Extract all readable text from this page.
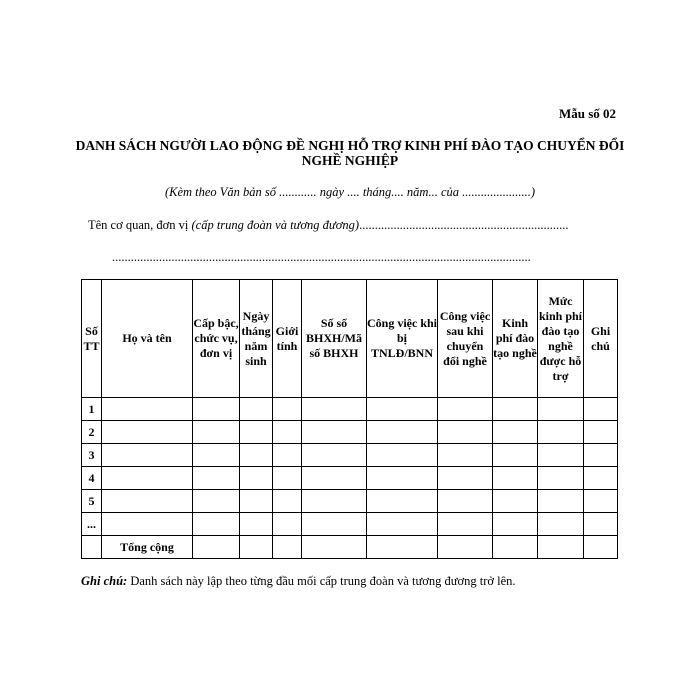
Mẫu số 02
DANH SÁCH NGƯỜI LAO ĐỘNG ĐỀ NGHỊ HỖ TRỢ KINH PHÍ ĐÀO TẠO CHUYỂN ĐỔI NGHỀ NGHIỆP
(Kèm theo Văn bản số ............ ngày .... tháng.... năm... của ......................)
Tên cơ quan, đơn vị (cấp trung đoàn và tương đương)...................................................................
......................................................................................................................................
Số TT	Họ và tên	Cấp bậc, chức vụ, đơn vị	Ngày tháng năm sinh	Giới tính	Số sổ BHXH/Mã số BHXH	Công việc khi bị TNLĐ/BNN	Công việc sau khi chuyển đổi nghề	Kinh phí đào tạo nghề	Mức kinh phí đào tạo nghề được hỗ trợ	Ghi chú
1										
2										
3										
4										
5										
...										
	Tổng cộng									
Ghi chú: Danh sách này lập theo từng đầu mối cấp trung đoàn và tương đương trở lên.
